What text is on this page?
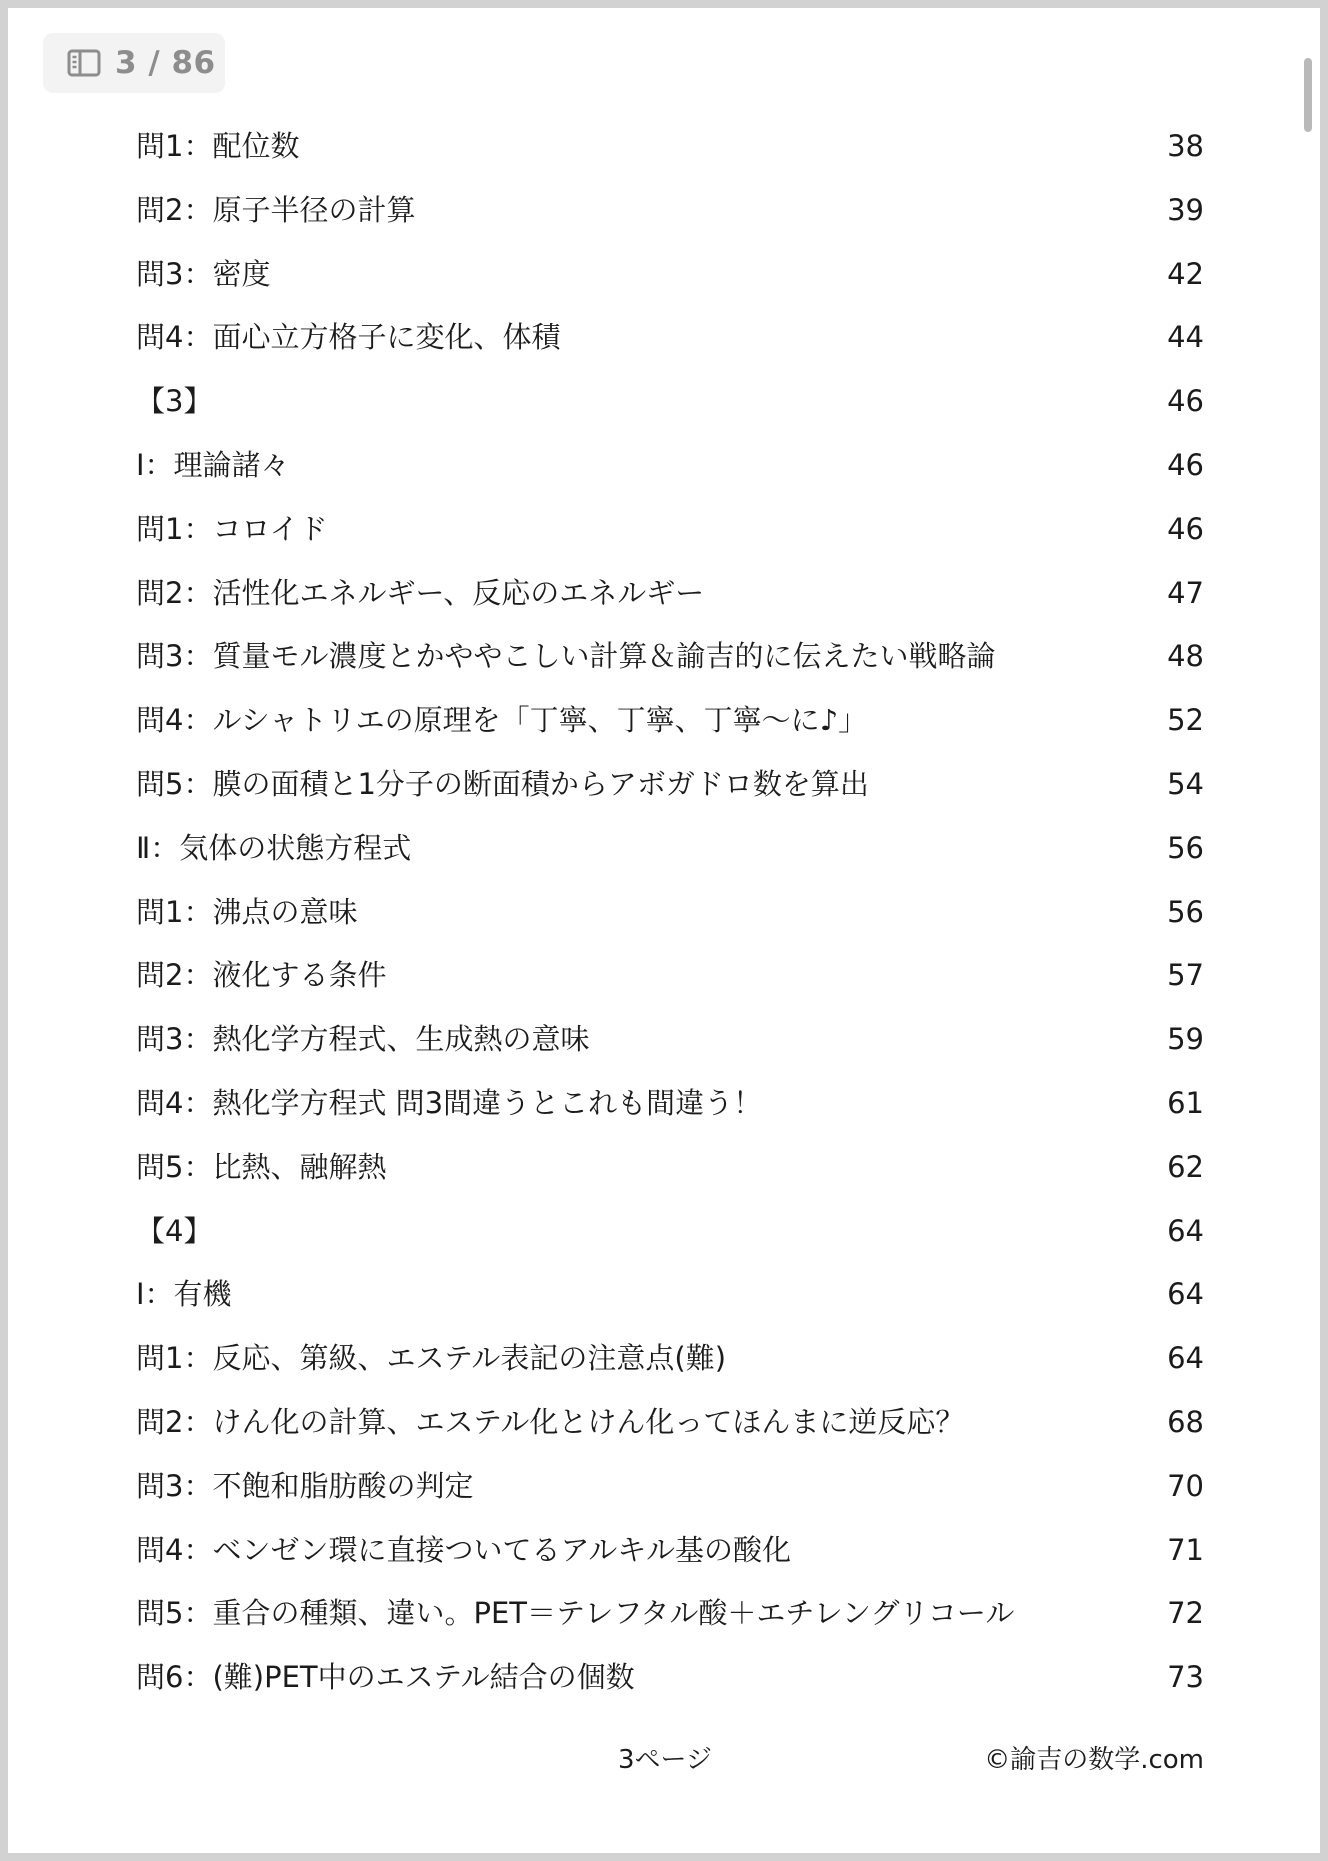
3 / 86
問1：配位数	38
問2：原子半径の計算	39
問3：密度	42
問4：面心立方格子に変化、体積	44
【3】	46
Ⅰ：理論諸々	46
問1：コロイド	46
問2：活性化エネルギー、反応のエネルギー	47
問3：質量モル濃度とかややこしい計算＆諭吉的に伝えたい戦略論	48
問4：ルシャトリエの原理を「丁寧、丁寧、丁寧〜に♪」	52
問5：膜の面積と1分子の断面積からアボガドロ数を算出	54
Ⅱ：気体の状態方程式	56
問1：沸点の意味	56
問2：液化する条件	57
問3：熱化学方程式、生成熱の意味	59
問4：熱化学方程式 問3間違うとこれも間違う！	61
問5：比熱、融解熱	62
【4】	64
Ⅰ：有機	64
問1：反応、第級、エステル表記の注意点(難)	64
問2：けん化の計算、エステル化とけん化ってほんまに逆反応？	68
問3：不飽和脂肪酸の判定	70
問4：ベンゼン環に直接ついてるアルキル基の酸化	71
問5：重合の種類、違い。PET＝テレフタル酸＋エチレングリコール	72
問6：(難)PET中のエステル結合の個数	73
3ページ	©諭吉の数学.com
